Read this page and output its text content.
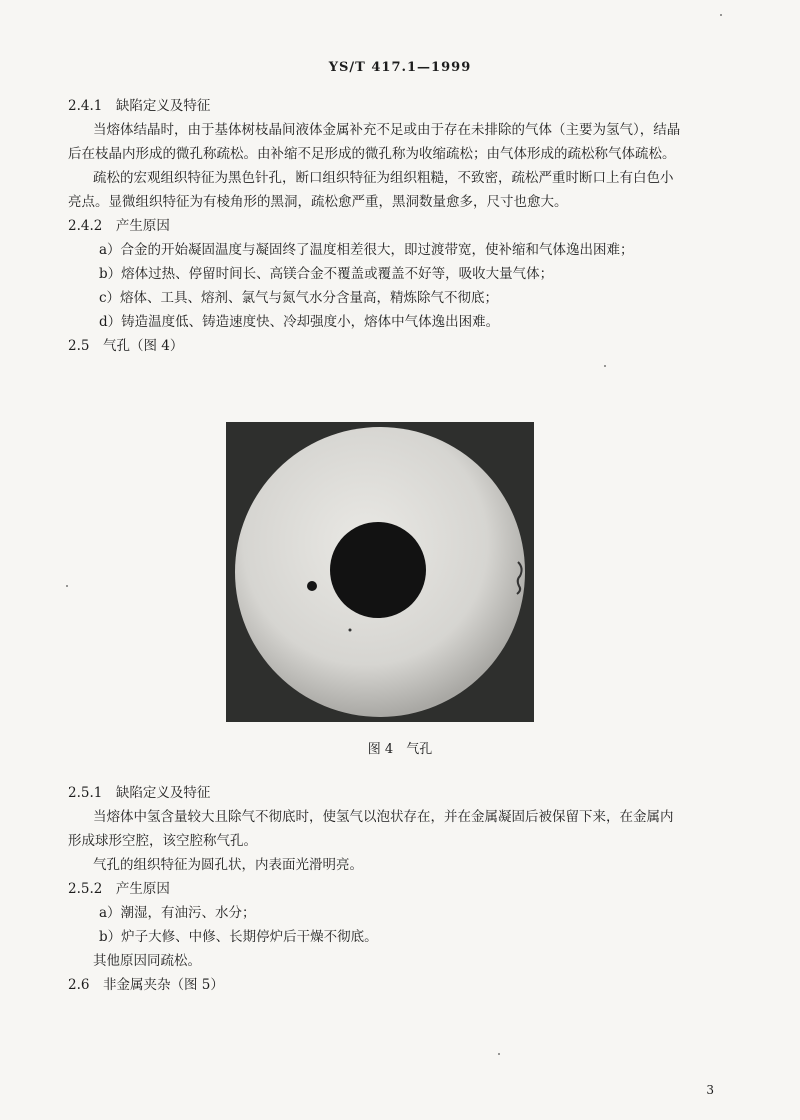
YS/T 417.1—1999
2.4.1　缺陷定义及特征
当熔体结晶时，由于基体树枝晶间液体金属补充不足或由于存在未排除的气体（主要为氢气），结晶
后在枝晶内形成的微孔称疏松。由补缩不足形成的微孔称为收缩疏松；由气体形成的疏松称气体疏松。
疏松的宏观组织特征为黑色针孔，断口组织特征为组织粗糙，不致密，疏松严重时断口上有白色小
亮点。显微组织特征为有棱角形的黑洞，疏松愈严重，黑洞数量愈多，尺寸也愈大。
2.4.2　产生原因
a）合金的开始凝固温度与凝固终了温度相差很大，即过渡带宽，使补缩和气体逸出困难；
b）熔体过热、停留时间长、高镁合金不覆盖或覆盖不好等，吸收大量气体；
c）熔体、工具、熔剂、氯气与氮气水分含量高，精炼除气不彻底；
d）铸造温度低、铸造速度快、冷却强度小，熔体中气体逸出困难。
2.5　气孔（图 4）
图 4　气孔
2.5.1　缺陷定义及特征
当熔体中氢含量较大且除气不彻底时，使氢气以泡状存在，并在金属凝固后被保留下来，在金属内
形成球形空腔，该空腔称气孔。
气孔的组织特征为圆孔状，内表面光滑明亮。
2.5.2　产生原因
a）潮湿，有油污、水分；
b）炉子大修、中修、长期停炉后干燥不彻底。
其他原因同疏松。
2.6　非金属夹杂（图 5）
3
